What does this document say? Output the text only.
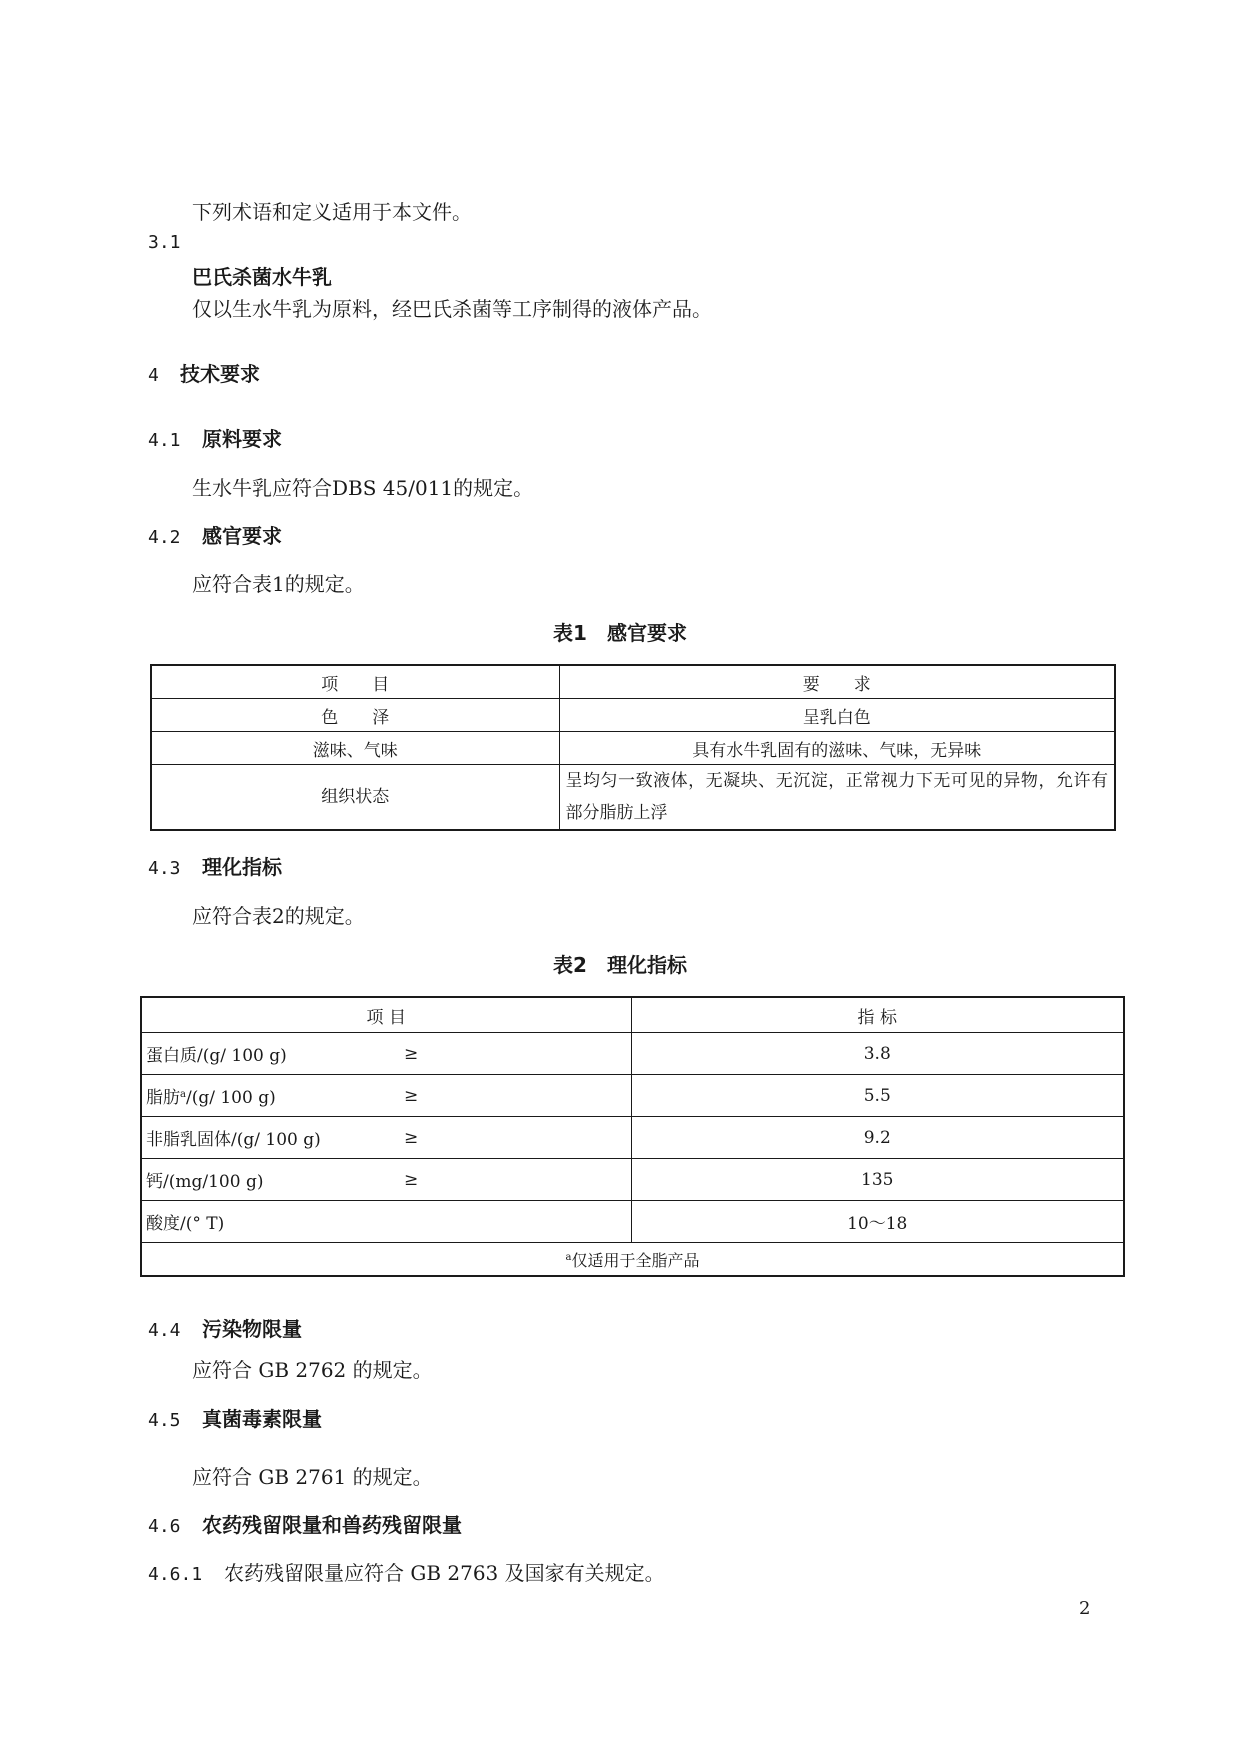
下列术语和定义适用于本文件。
3.1
巴氏杀菌水牛乳
仅以生水牛乳为原料，经巴氏杀菌等工序制得的液体产品。
4 技术要求
4.1 原料要求
生水牛乳应符合DBS 45/011的规定。
4.2 感官要求
应符合表1的规定。
表1　感官要求
项　　目	要　　求
色　　泽	呈乳白色
滋味、气味	具有水牛乳固有的滋味、气味，无异味
组织状态	呈均匀一致液体，无凝块、无沉淀，正常视力下无可见的异物，允许有部分脂肪上浮
4.3 理化指标
应符合表2的规定。
表2　理化指标
项 目	指 标
蛋白质/(g/ 100 g) ≥	3.8
脂肪$^a$/(g/ 100 g) ≥	5.5
非脂乳固体/(g/ 100 g) ≥	9.2
钙/(mg/100 g) ≥	135
酸度/(° T)	10～18
$^a$仅适用于全脂产品	
4.4 污染物限量
应符合 GB 2762 的规定。
4.5 真菌毒素限量
应符合 GB 2761 的规定。
4.6 农药残留限量和兽药残留限量
4.6.1 农药残留限量应符合 GB 2763 及国家有关规定。
2
